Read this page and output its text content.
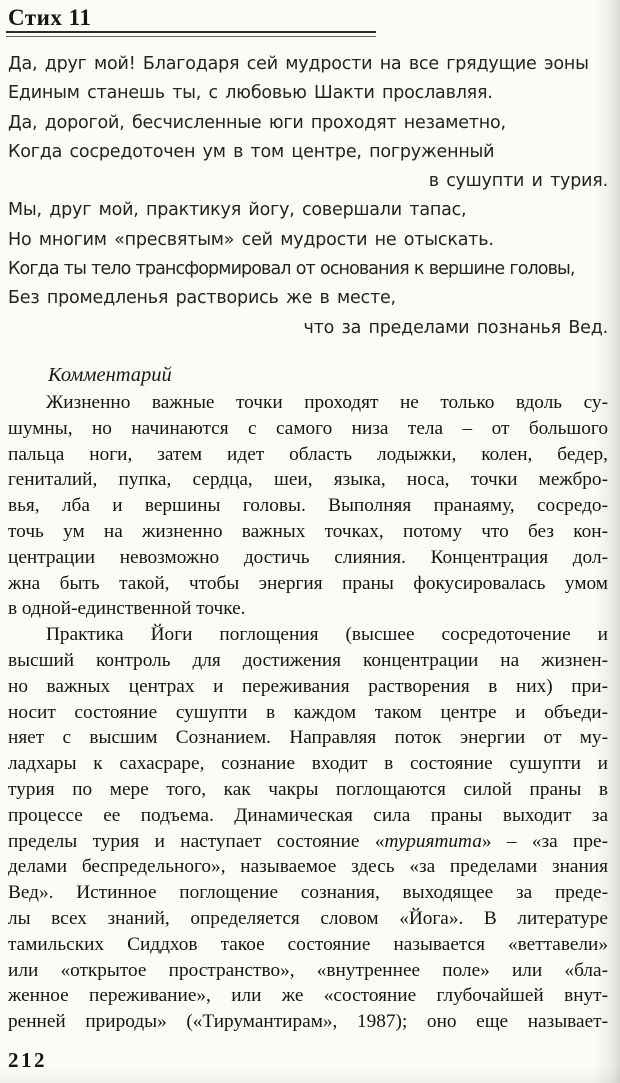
Стих 11
Да, друг мой! Благодаря сей мудрости на все грядущие эоны
Единым станешь ты, с любовью Шакти прославляя.
Да, дорогой, бесчисленные юги проходят незаметно,
Когда сосредоточен ум в том центре, погруженный
в сушупти и турия.
Мы, друг мой, практикуя йогу, совершали тапас,
Но многим «пресвятым» сей мудрости не отыскать.
Когда ты тело трансформировал от основания к вершине головы,
Без промедленья растворись же в месте,
что за пределами познанья Вед.
Комментарий
Жизненно важные точки проходят не только вдоль су-
шумны, но начинаются с самого низа тела – от большого
пальца ноги, затем идет область лодыжки, колен, бедер,
гениталий, пупка, сердца, шеи, языка, носа, точки межбро-
вья, лба и вершины головы. Выполняя пранаяму, сосредо-
точь ум на жизненно важных точках, потому что без кон-
центрации невозможно достичь слияния. Концентрация дол-
жна быть такой, чтобы энергия праны фокусировалась умом
в одной-единственной точке.
Практика Йоги поглощения (высшее сосредоточение и
высший контроль для достижения концентрации на жизнен-
но важных центрах и переживания растворения в них) при-
носит состояние сушупти в каждом таком центре и объеди-
няет с высшим Сознанием. Направляя поток энергии от му-
ладхары к сахасраре, сознание входит в состояние сушупти и
турия по мере того, как чакры поглощаются силой праны в
процессе ее подъема. Динамическая сила праны выходит за
пределы турия и наступает состояние «туриятита» – «за пре-
делами беспредельного», называемое здесь «за пределами знания
Вед». Истинное поглощение сознания, выходящее за преде-
лы всех знаний, определяется словом «Йога». В литературе
тамильских Сиддхов такое состояние называется «веттавели»
или «открытое пространство», «внутреннее поле» или «бла-
женное переживание», или же «состояние глубочайшей внут-
ренней природы» («Тирумантирам», 1987); оно еще называет-
212
